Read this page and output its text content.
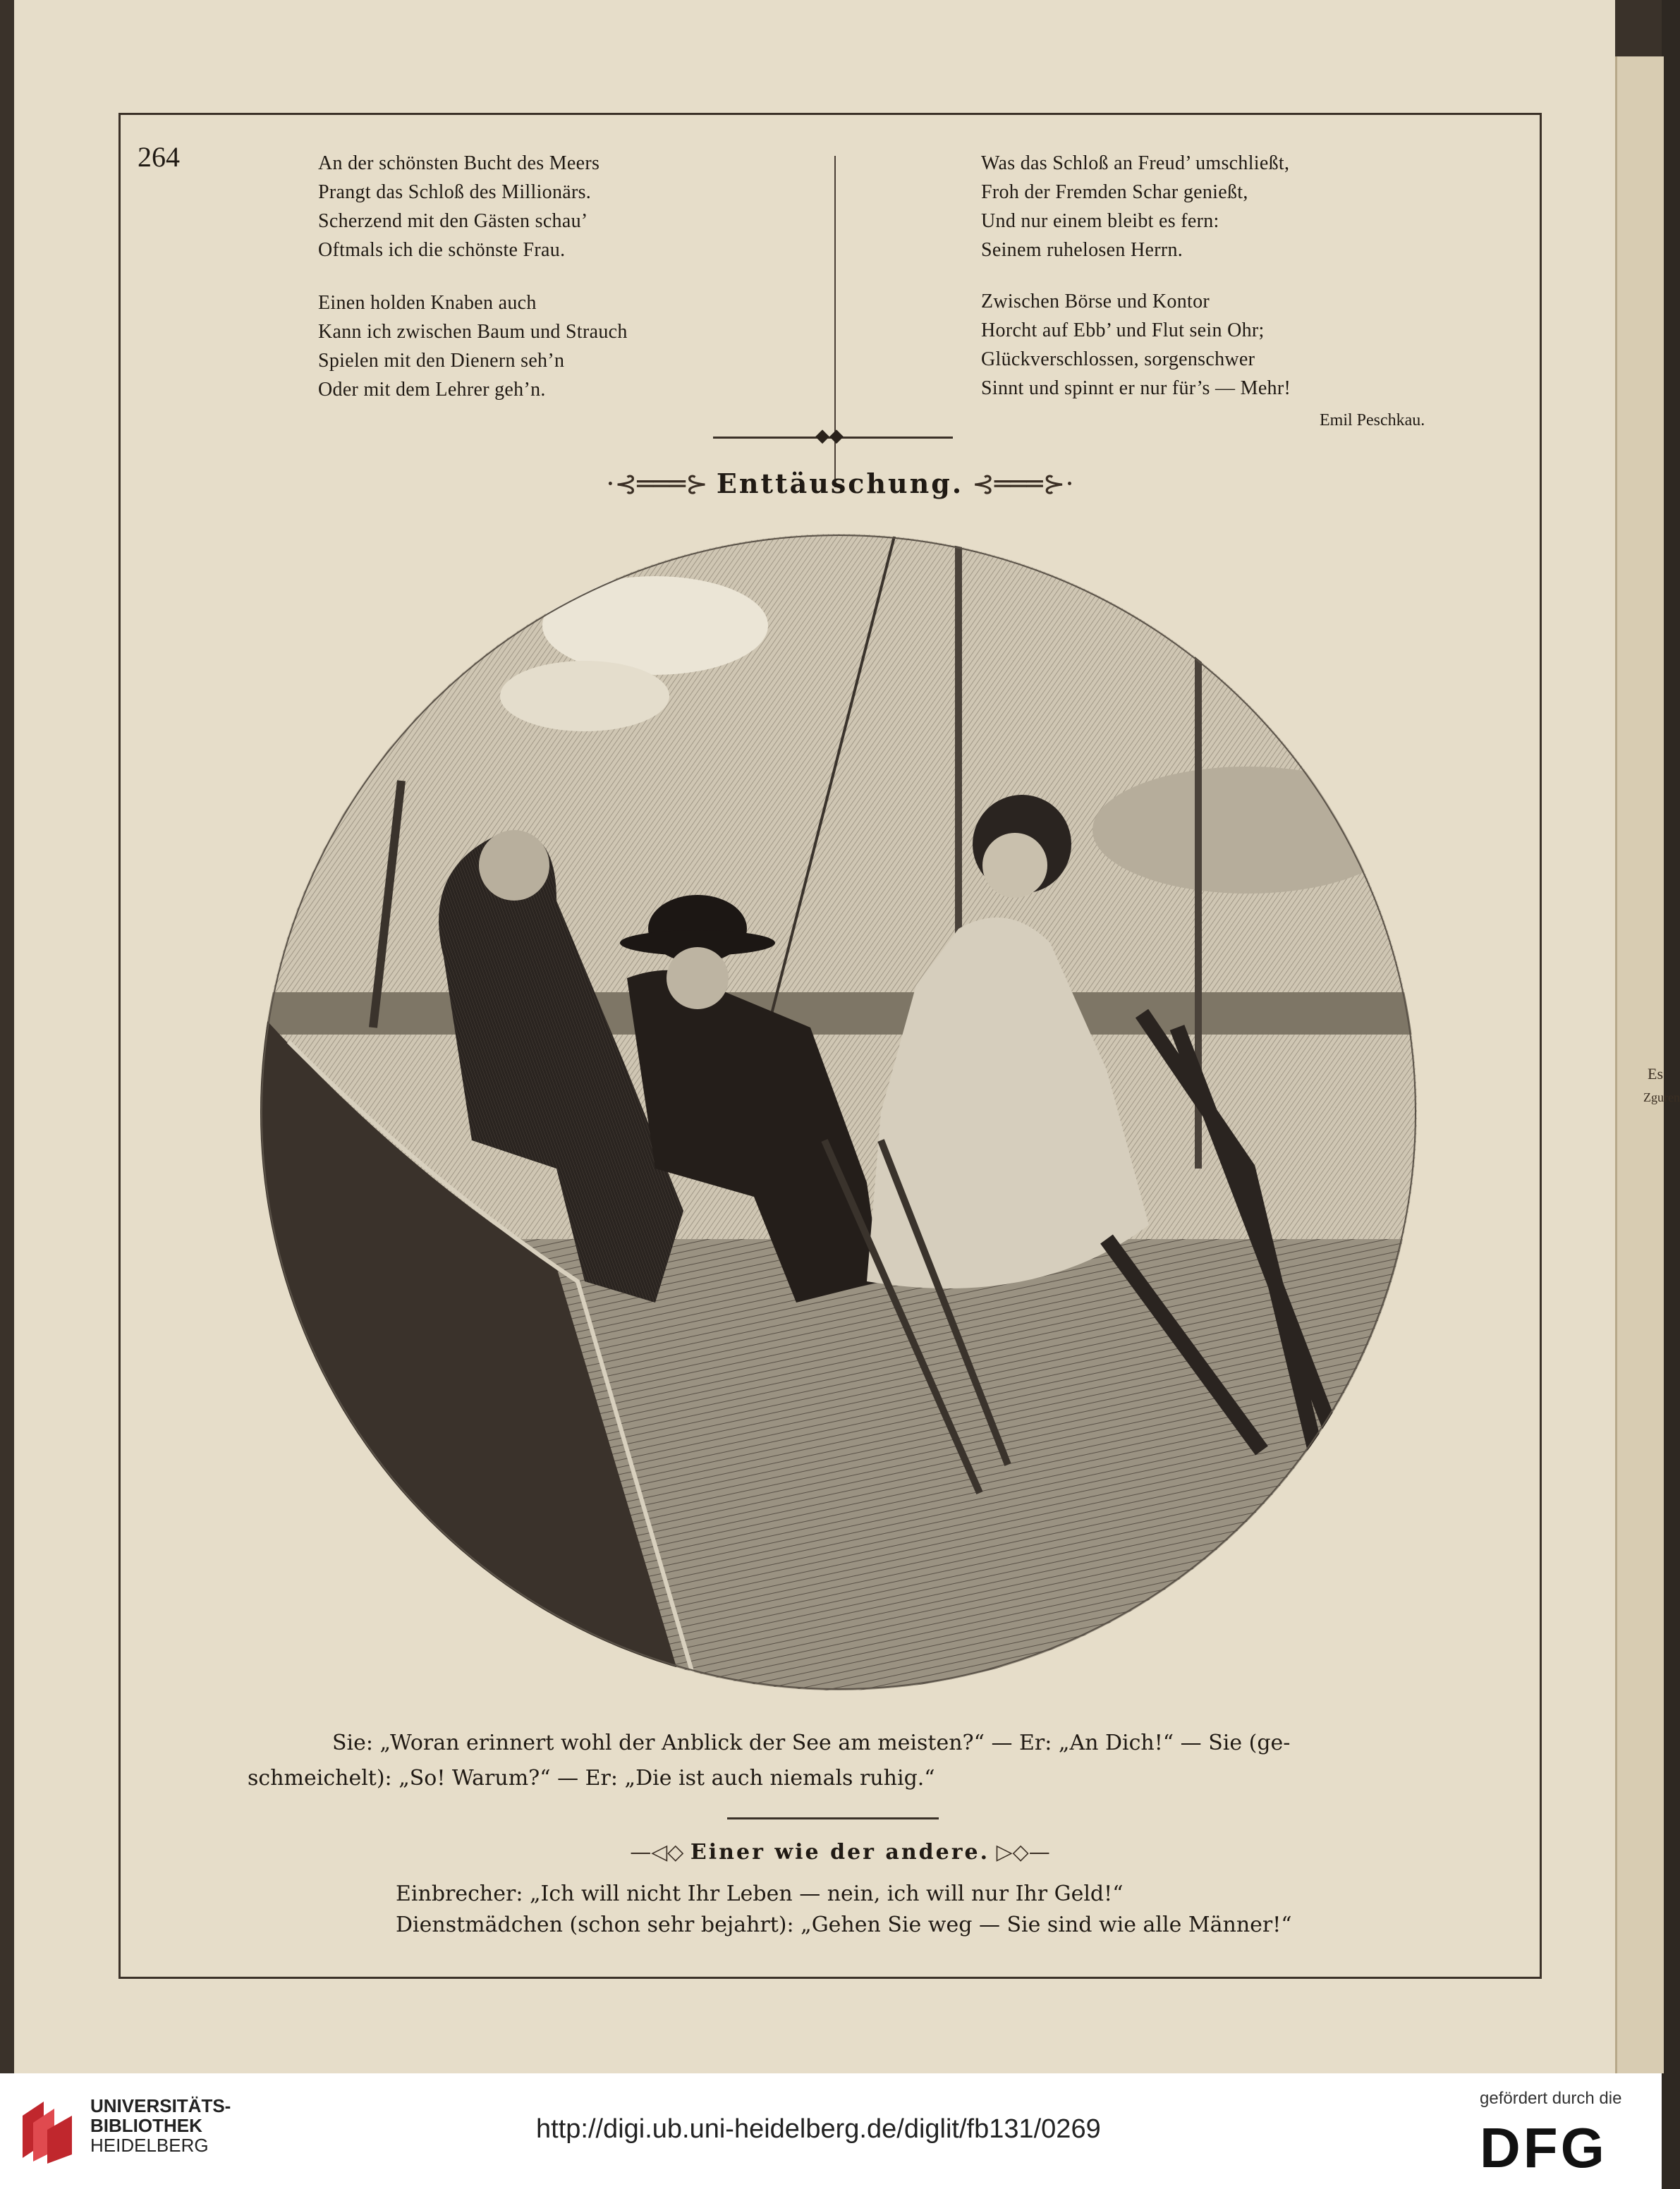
Es
Zguren
264	An der schönsten Bucht des Meers
Prangt das Schloß des Millionärs.
Scherzend mit den Gästen schau’
Oftmals ich die schönste Frau.
Einen holden Knaben auch
Kann ich zwischen Baum und Strauch
Spielen mit den Dienern seh’n
Oder mit dem Lehrer geh’n.
Was das Schloß an Freud’ umschließt,
Froh der Fremden Schar genießt,
Und nur einem bleibt es fern:
Seinem ruhelosen Herrn.
Zwischen Börse und Kontor
Horcht auf Ebb’ und Flut sein Ohr;
Glückverschlossen, sorgenschwer
Sinnt und spinnt er nur für’s — Mehr!
Emil Peschkau.
◆◆
·⊰═══⊱ Enttäuschung. ⊰═══⊱·
Sie: „Woran erinnert wohl der Anblick der See am meisten?“ — Er: „An Dich!“ — Sie (ge-
schmeichelt): „So! Warum?“ — Er: „Die ist auch niemals ruhig.“
—◁◇ Einer wie der andere. ▷◇—
Einbrecher: „Ich will nicht Ihr Leben — nein, ich will nur Ihr Geld!“
Dienstmädchen (schon sehr bejahrt): „Gehen Sie weg — Sie sind wie alle Männer!“
UNIVERSITÄTS-
BIBLIOTHEK
HEIDELBERG
http://digi.ub.uni-heidelberg.de/diglit/fb131/0269
gefördert durch die
DFG
